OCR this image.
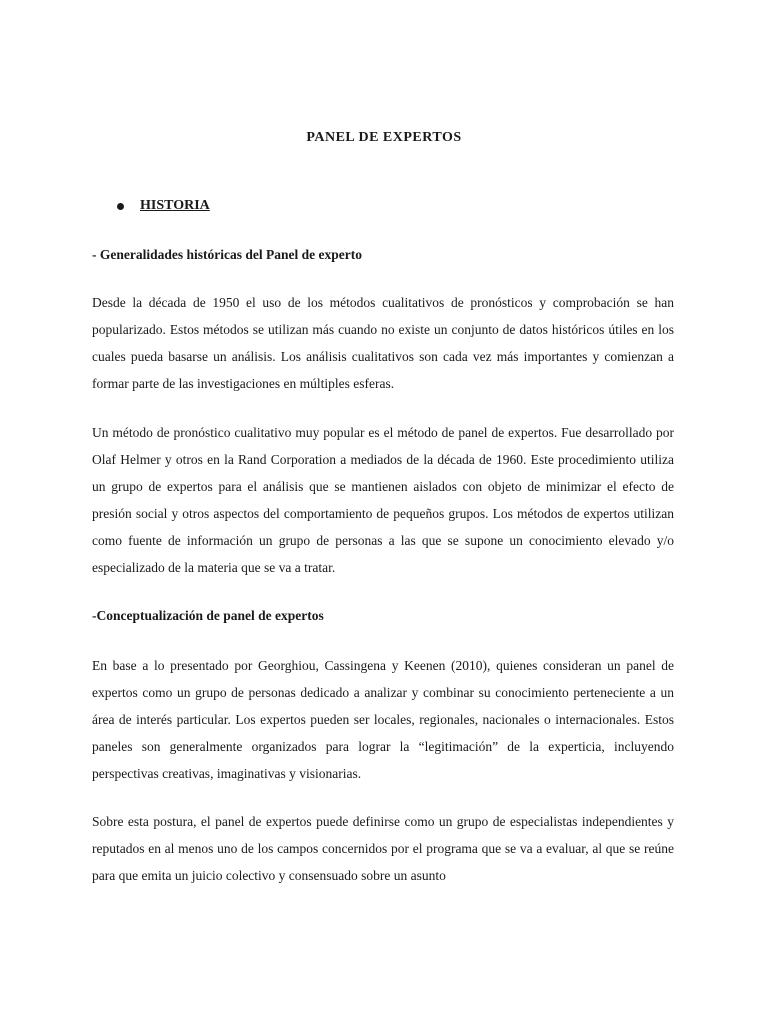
PANEL DE EXPERTOS
HISTORIA
- Generalidades históricas del Panel de experto

Desde la década de 1950 el uso de los métodos cualitativos de pronósticos y comprobación se han popularizado. Estos métodos se utilizan más cuando no existe un conjunto de datos históricos útiles en los cuales pueda basarse un análisis. Los análisis cualitativos son cada vez más importantes y comienzan a formar parte de las investigaciones en múltiples esferas.

Un método de pronóstico cualitativo muy popular es el método de panel de expertos. Fue desarrollado por Olaf Helmer y otros en la Rand Corporation a mediados de la década de 1960. Este procedimiento utiliza un grupo de expertos para el análisis que se mantienen aislados con objeto de minimizar el efecto de presión social y otros aspectos del comportamiento de pequeños grupos. Los métodos de expertos utilizan como fuente de información un grupo de personas a las que se supone un conocimiento elevado y/o especializado de la materia que se va a tratar.

-Conceptualización de panel de expertos

En base a lo presentado por Georghiou, Cassingena y Keenen (2010), quienes consideran un panel de expertos como un grupo de personas dedicado a analizar y combinar su conocimiento perteneciente a un área de interés particular. Los expertos pueden ser locales, regionales, nacionales o internacionales. Estos paneles son generalmente organizados para lograr la “legitimación” de la experticia, incluyendo perspectivas creativas, imaginativas y visionarias.

Sobre esta postura, el panel de expertos puede definirse como un grupo de especialistas independientes y reputados en al menos uno de los campos concernidos por el programa que se va a evaluar, al que se reúne para que emita un juicio colectivo y consensuado sobre un asunto
